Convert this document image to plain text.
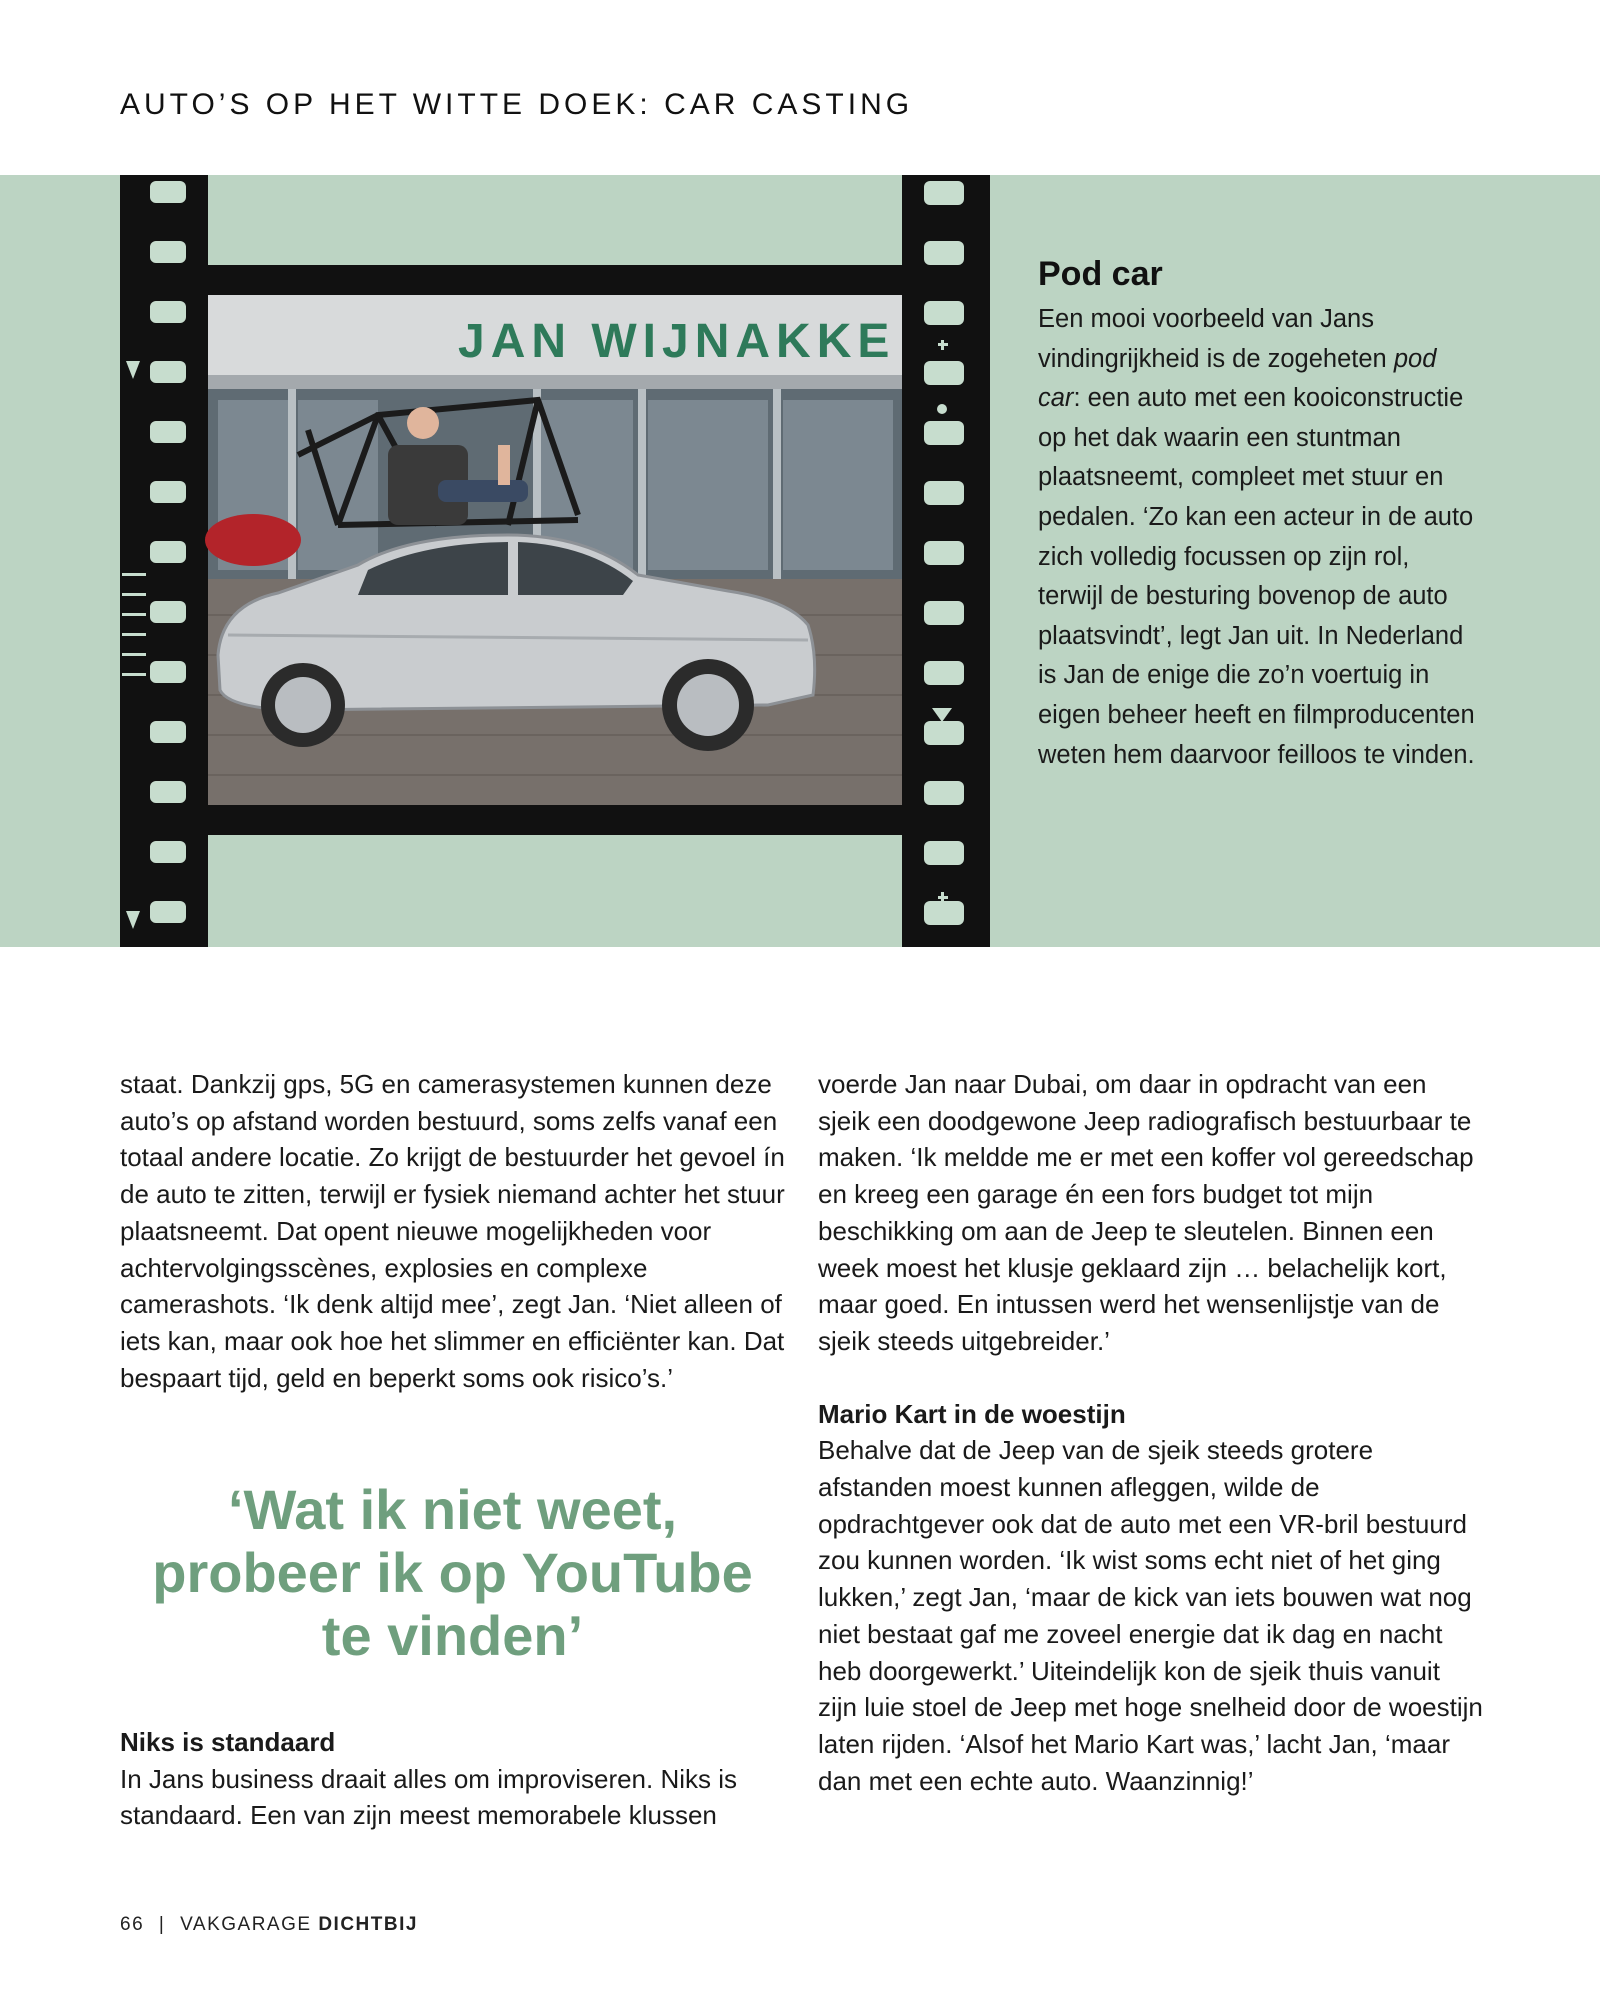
AUTO’S OP HET WITTE DOEK: CAR CASTING
JAN WIJNAKKE
Pod car

Een mooi voorbeeld van Jans vindingrijkheid is de zogeheten pod car: een auto met een kooiconstructie op het dak waarin een stuntman plaatsneemt, compleet met stuur en pedalen. ‘Zo kan een acteur in de auto zich volledig focussen op zijn rol, terwijl de besturing bovenop de auto plaatsvindt’, legt Jan uit. In Nederland is Jan de enige die zo’n voertuig in eigen beheer heeft en filmproducenten weten hem daarvoor feilloos te vinden.

staat. Dankzij gps, 5G en camerasystemen kunnen deze auto’s op afstand worden bestuurd, soms zelfs vanaf een totaal andere locatie. Zo krijgt de bestuurder het gevoel ín de auto te zitten, terwijl er fysiek niemand achter het stuur plaatsneemt. Dat opent nieuwe mogelijkheden voor achtervolgingsscènes, explosies en complexe camerashots. ‘Ik denk altijd mee’, zegt Jan. ‘Niet alleen of iets kan, maar ook hoe het slimmer en efficiënter kan. Dat bespaart tijd, geld en beperkt soms ook risico’s.’

‘Wat ik niet weet, probeer ik op YouTube te vinden’

Niks is standaard

In Jans business draait alles om improviseren. Niks is standaard. Een van zijn meest memorabele klussen

voerde Jan naar Dubai, om daar in opdracht van een sjeik een doodgewone Jeep radiografisch bestuurbaar te maken. ‘Ik meldde me er met een koffer vol gereedschap en kreeg een garage én een fors budget tot mijn beschikking om aan de Jeep te sleutelen. Binnen een week moest het klusje geklaard zijn … belachelijk kort, maar goed. En intussen werd het wensenlijstje van de sjeik steeds uitgebreider.’

Mario Kart in de woestijn

Behalve dat de Jeep van de sjeik steeds grotere afstanden moest kunnen afleggen, wilde de opdrachtgever ook dat de auto met een VR-bril bestuurd zou kunnen worden. ‘Ik wist soms echt niet of het ging lukken,’ zegt Jan, ‘maar de kick van iets bouwen wat nog niet bestaat gaf me zoveel energie dat ik dag en nacht heb doorgewerkt.’ Uiteindelijk kon de sjeik thuis vanuit zijn luie stoel de Jeep met hoge snelheid door de woestijn laten rijden. ‘Alsof het Mario Kart was,’ lacht Jan, ‘maar dan met een echte auto. Waanzinnig!’

66 | VAKGARAGE DICHTBIJ
